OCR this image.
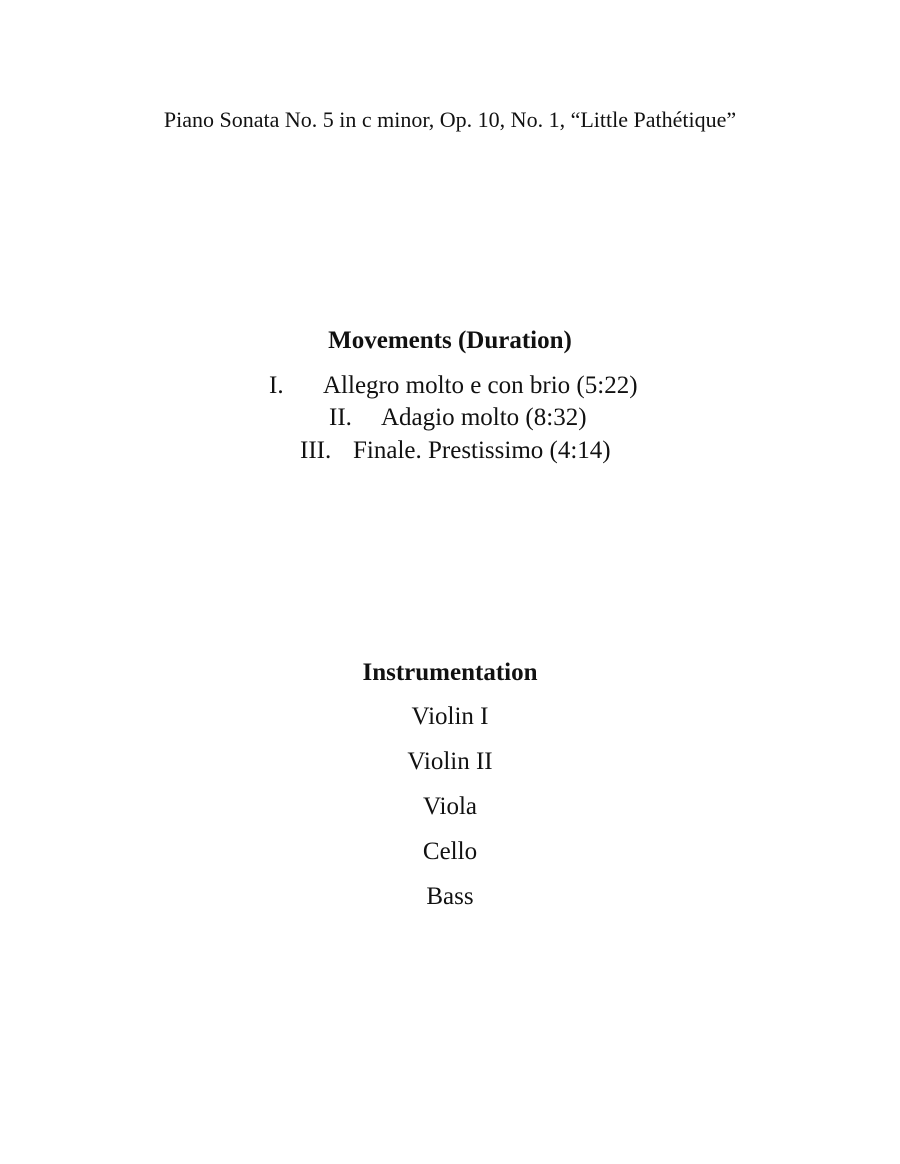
Piano Sonata No. 5 in c minor, Op. 10, No. 1, “Little Pathétique”
Movements (Duration)
I. Allegro molto e con brio (5:22)
II. Adagio molto (8:32)
III. Finale. Prestissimo (4:14)
Instrumentation
Violin I
Violin II
Viola
Cello
Bass
